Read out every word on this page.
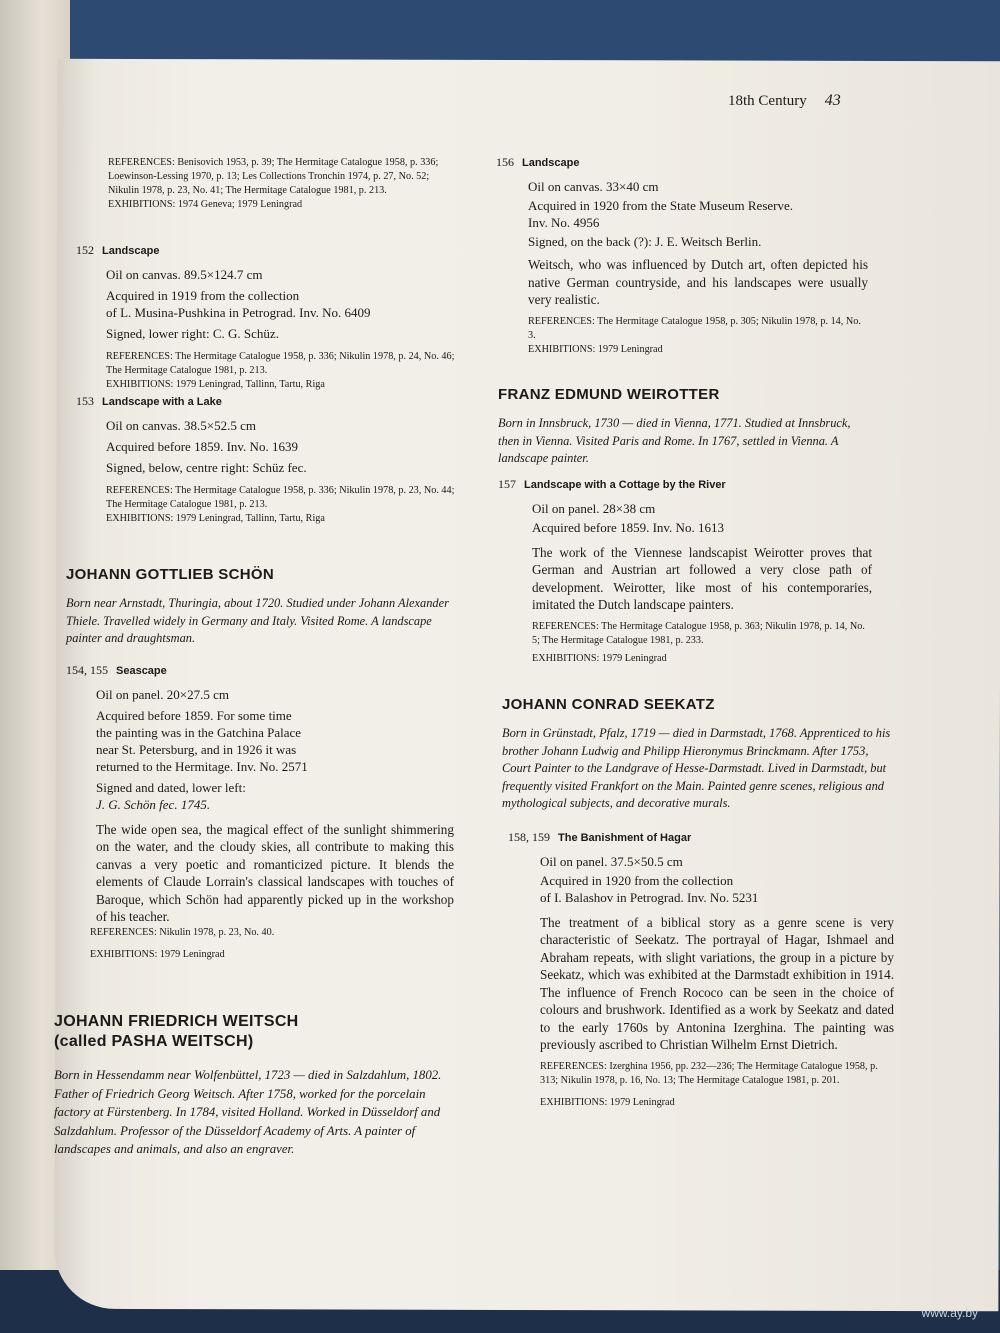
www.ay.by
18th Century 43

REFERENCES: Benisovich 1953, p. 39; The Hermitage Catalogue 1958, p. 336; Loewinson-Lessing 1970, p. 13; Les Collections Tronchin 1974, p. 27, No. 52; Nikulin 1978, p. 23, No. 41; The Hermitage Catalogue 1981, p. 213.

EXHIBITIONS: 1974 Geneva; 1979 Leningrad

152 Landscape

Oil on canvas. 89.5×124.7 cm

Acquired in 1919 from the collection

of L. Musina-Pushkina in Petrograd. Inv. No. 6409

Signed, lower right: C. G. Schüz.

REFERENCES: The Hermitage Catalogue 1958, p. 336; Nikulin 1978, p. 24, No. 46; The Hermitage Catalogue 1981, p. 213.

EXHIBITIONS: 1979 Leningrad, Tallinn, Tartu, Riga

153 Landscape with a Lake

Oil on canvas. 38.5×52.5 cm

Acquired before 1859. Inv. No. 1639

Signed, below, centre right: Schüz fec.

REFERENCES: The Hermitage Catalogue 1958, p. 336; Nikulin 1978, p. 23, No. 44; The Hermitage Catalogue 1981, p. 213.

EXHIBITIONS: 1979 Leningrad, Tallinn, Tartu, Riga

JOHANN GOTTLIEB SCHÖN

Born near Arnstadt, Thuringia, about 1720. Studied under Johann Alexander Thiele. Travelled widely in Germany and Italy. Visited Rome. A landscape painter and draughtsman.

154, 155 Seascape

Oil on panel. 20×27.5 cm

Acquired before 1859. For some time

the painting was in the Gatchina Palace

near St. Petersburg, and in 1926 it was

returned to the Hermitage. Inv. No. 2571

Signed and dated, lower left:

J. G. Schön fec. 1745.

The wide open sea, the magical effect of the sunlight shimmering on the water, and the cloudy skies, all contribute to making this canvas a very poetic and romanticized picture. It blends the elements of Claude Lorrain's classical landscapes with touches of Baroque, which Schön had apparently picked up in the workshop of his teacher.

REFERENCES: Nikulin 1978, p. 23, No. 40.

EXHIBITIONS: 1979 Leningrad

JOHANN FRIEDRICH WEITSCH
(called PASHA WEITSCH)

Born in Hessendamm near Wolfenbüttel, 1723 — died in Salzdahlum, 1802. Father of Friedrich Georg Weitsch. After 1758, worked for the porcelain factory at Fürstenberg. In 1784, visited Holland. Worked in Düsseldorf and Salzdahlum. Professor of the Düsseldorf Academy of Arts. A painter of landscapes and animals, and also an engraver.

156 Landscape

Oil on canvas. 33×40 cm

Acquired in 1920 from the State Museum Reserve.

Inv. No. 4956

Signed, on the back (?): J. E. Weitsch Berlin.

Weitsch, who was influenced by Dutch art, often depicted his native German countryside, and his landscapes were usually very realistic.

REFERENCES: The Hermitage Catalogue 1958, p. 305; Nikulin 1978, p. 14, No. 3.

EXHIBITIONS: 1979 Leningrad

FRANZ EDMUND WEIROTTER

Born in Innsbruck, 1730 — died in Vienna, 1771. Studied at Innsbruck, then in Vienna. Visited Paris and Rome. In 1767, settled in Vienna. A landscape painter.

157 Landscape with a Cottage by the River

Oil on panel. 28×38 cm

Acquired before 1859. Inv. No. 1613

The work of the Viennese landscapist Weirotter proves that German and Austrian art followed a very close path of development. Weirotter, like most of his contemporaries, imitated the Dutch landscape painters.

REFERENCES: The Hermitage Catalogue 1958, p. 363; Nikulin 1978, p. 14, No. 5; The Hermitage Catalogue 1981, p. 233.

EXHIBITIONS: 1979 Leningrad

JOHANN CONRAD SEEKATZ

Born in Grünstadt, Pfalz, 1719 — died in Darmstadt, 1768. Apprenticed to his brother Johann Ludwig and Philipp Hieronymus Brinckmann. After 1753, Court Painter to the Landgrave of Hesse-Darmstadt. Lived in Darmstadt, but frequently visited Frankfort on the Main. Painted genre scenes, religious and mythological subjects, and decorative murals.

158, 159 The Banishment of Hagar

Oil on panel. 37.5×50.5 cm

Acquired in 1920 from the collection

of I. Balashov in Petrograd. Inv. No. 5231

The treatment of a biblical story as a genre scene is very characteristic of Seekatz. The portrayal of Hagar, Ishmael and Abraham repeats, with slight variations, the group in a picture by Seekatz, which was exhibited at the Darmstadt exhibition in 1914. The influence of French Rococo can be seen in the choice of colours and brushwork. Identified as a work by Seekatz and dated to the early 1760s by Antonina Izerghina. The painting was previously ascribed to Christian Wilhelm Ernst Dietrich.

REFERENCES: Izerghina 1956, pp. 232—236; The Hermitage Catalogue 1958, p. 313; Nikulin 1978, p. 16, No. 13; The Hermitage Catalogue 1981, p. 201.

EXHIBITIONS: 1979 Leningrad
